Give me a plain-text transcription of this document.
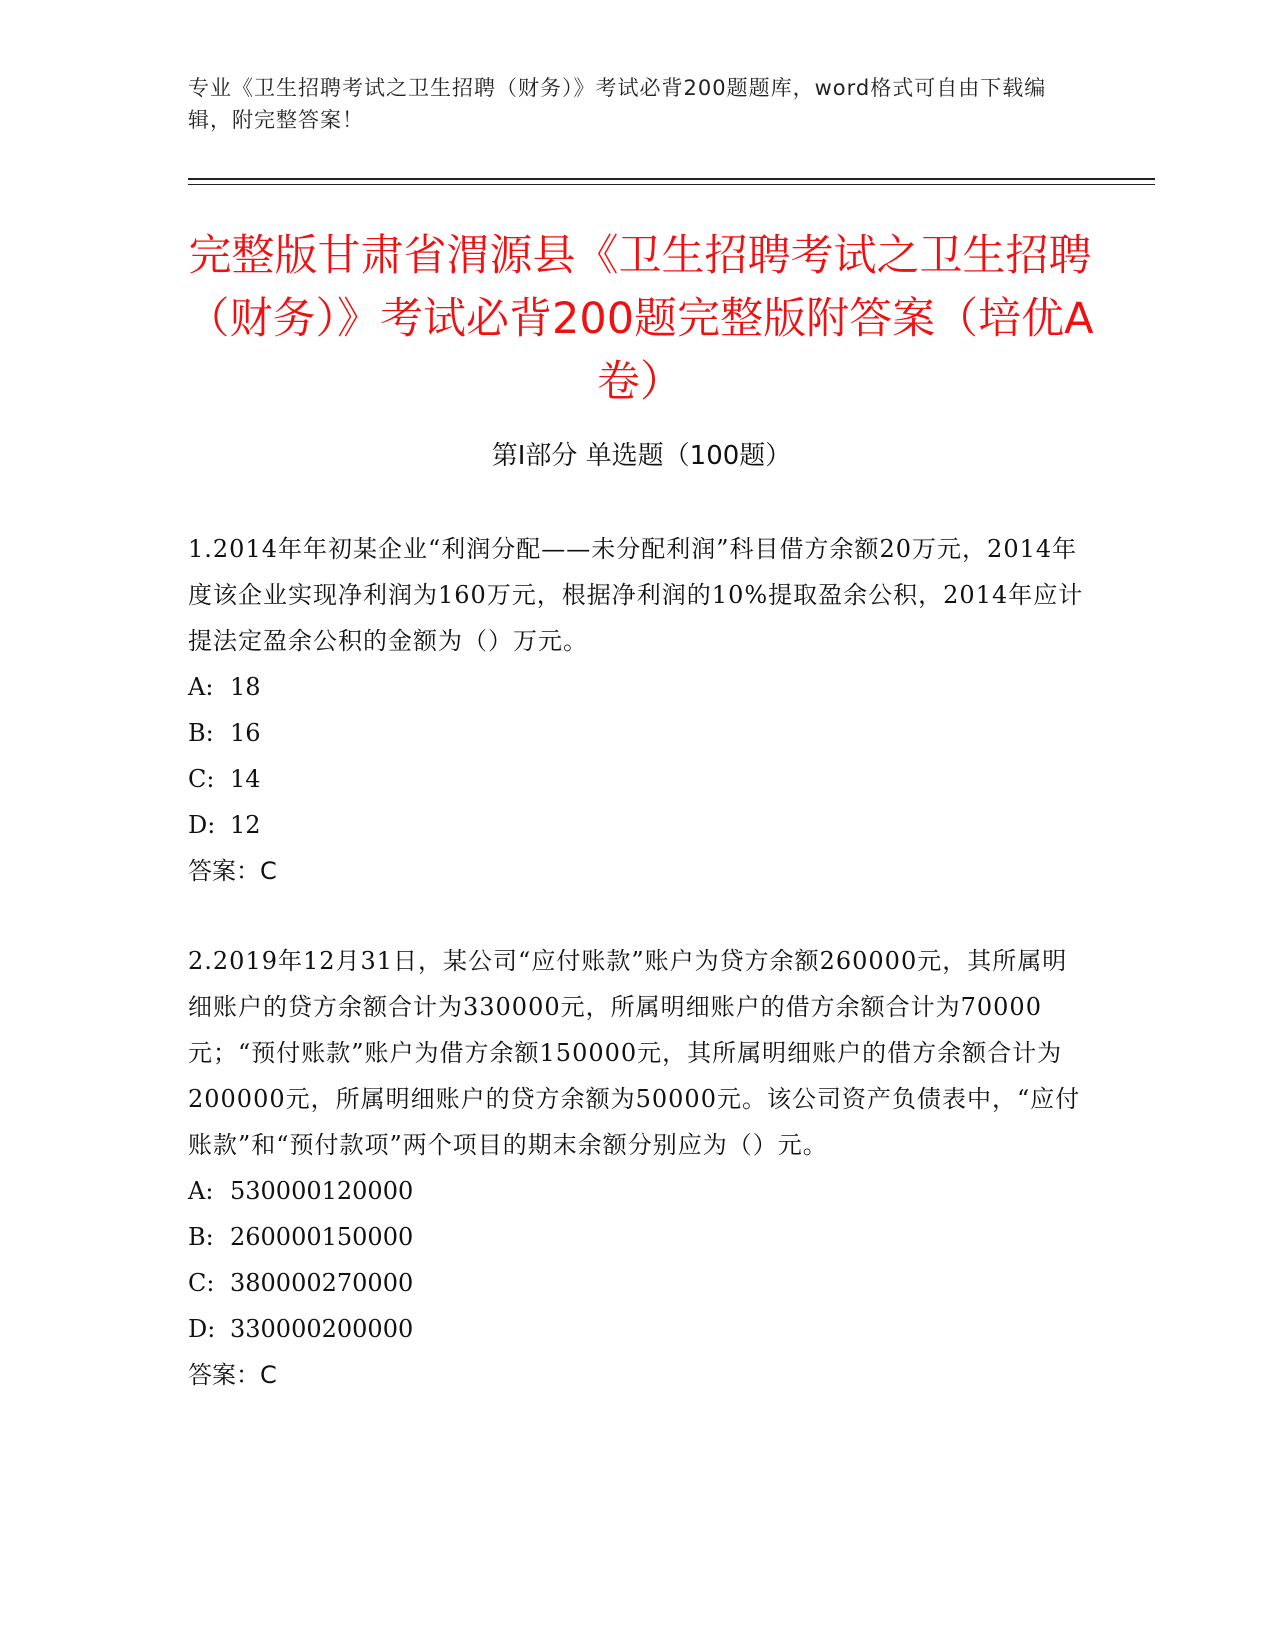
专业《卫生招聘考试之卫生招聘（财务）》考试必背200题题库，word格式可自由下载编辑，附完整答案！
完整版甘肃省渭源县《卫生招聘考试之卫生招聘（财务）》考试必背200题完整版附答案（培优A卷）
第Ⅰ部分 单选题（100题）

1.2014年年初某企业“利润分配——未分配利润”科目借方余额20万元，2014年度该企业实现净利润为160万元，根据净利润的10%提取盈余公积，2014年应计提法定盈余公积的金额为（）万元。

A: 18
B: 16
C: 14
D: 12
答案：C

2.2019年12月31日，某公司“应付账款”账户为贷方余额260000元，其所属明细账户的贷方余额合计为330000元，所属明细账户的借方余额合计为70000元；“预付账款”账户为借方余额150000元，其所属明细账户的借方余额合计为200000元，所属明细账户的贷方余额为50000元。该公司资产负债表中，“应付账款”和“预付款项”两个项目的期末余额分别应为（）元。

A: 530000120000
B: 260000150000
C: 380000270000
D: 330000200000
答案：C
